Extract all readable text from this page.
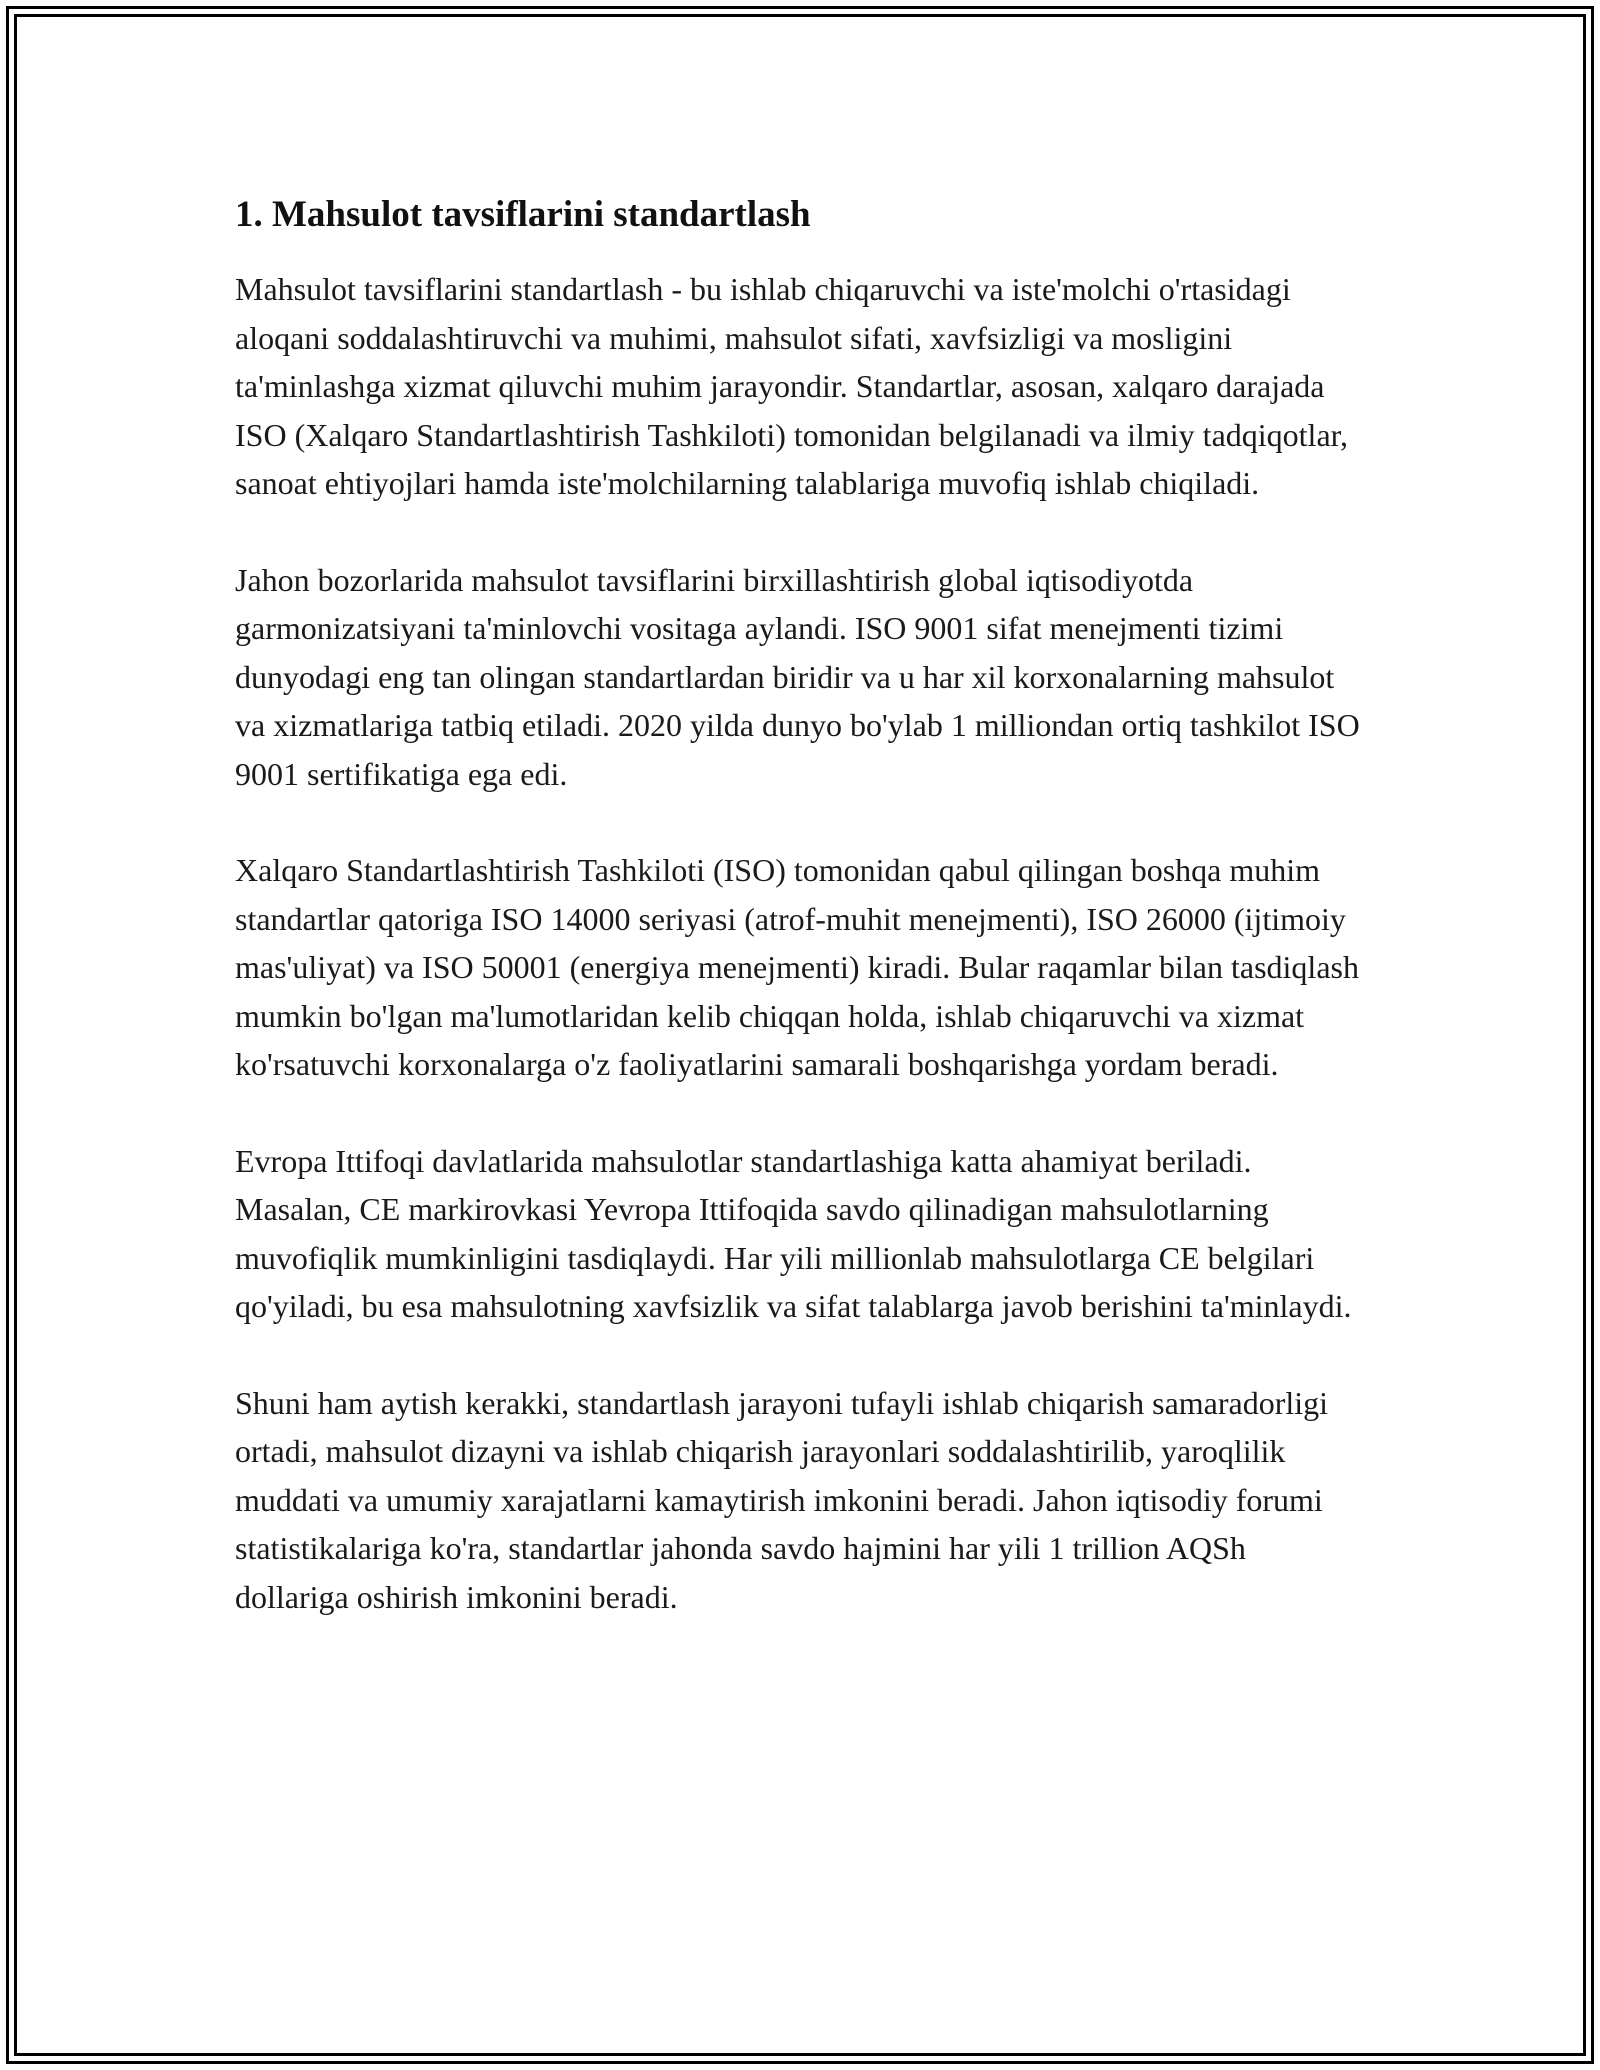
1. Mahsulot tavsiflarini standartlash

Mahsulot tavsiflarini standartlash - bu ishlab chiqaruvchi va iste'molchi o'rtasidagi aloqani soddalashtiruvchi va muhimi, mahsulot sifati, xavfsizligi va mosligini ta'minlashga xizmat qiluvchi muhim jarayondir. Standartlar, asosan, xalqaro darajada ISO (Xalqaro Standartlashtirish Tashkiloti) tomonidan belgilanadi va ilmiy tadqiqotlar, sanoat ehtiyojlari hamda iste'molchilarning talablariga muvofiq ishlab chiqiladi.

Jahon bozorlarida mahsulot tavsiflarini birxillashtirish global iqtisodiyotda garmonizatsiyani ta'minlovchi vositaga aylandi. ISO 9001 sifat menejmenti tizimi dunyodagi eng tan olingan standartlardan biridir va u har xil korxonalarning mahsulot va xizmatlariga tatbiq etiladi. 2020 yilda dunyo bo'ylab 1 milliondan ortiq tashkilot ISO 9001 sertifikatiga ega edi.

Xalqaro Standartlashtirish Tashkiloti (ISO) tomonidan qabul qilingan boshqa muhim standartlar qatoriga ISO 14000 seriyasi (atrof-muhit menejmenti), ISO 26000 (ijtimoiy mas'uliyat) va ISO 50001 (energiya menejmenti) kiradi. Bular raqamlar bilan tasdiqlash mumkin bo'lgan ma'lumotlaridan kelib chiqqan holda, ishlab chiqaruvchi va xizmat ko'rsatuvchi korxonalarga o'z faoliyatlarini samarali boshqarishga yordam beradi.

Evropa Ittifoqi davlatlarida mahsulotlar standartlashiga katta ahamiyat beriladi. Masalan, CE markirovkasi Yevropa Ittifoqida savdo qilinadigan mahsulotlarning muvofiqlik mumkinligini tasdiqlaydi. Har yili millionlab mahsulotlarga CE belgilari qo'yiladi, bu esa mahsulotning xavfsizlik va sifat talablarga javob berishini ta'minlaydi.

Shuni ham aytish kerakki, standartlash jarayoni tufayli ishlab chiqarish samaradorligi ortadi, mahsulot dizayni va ishlab chiqarish jarayonlari soddalashtirilib, yaroqlilik muddati va umumiy xarajatlarni kamaytirish imkonini beradi. Jahon iqtisodiy forumi statistikalariga ko'ra, standartlar jahonda savdo hajmini har yili 1 trillion AQSh dollariga oshirish imkonini beradi.
